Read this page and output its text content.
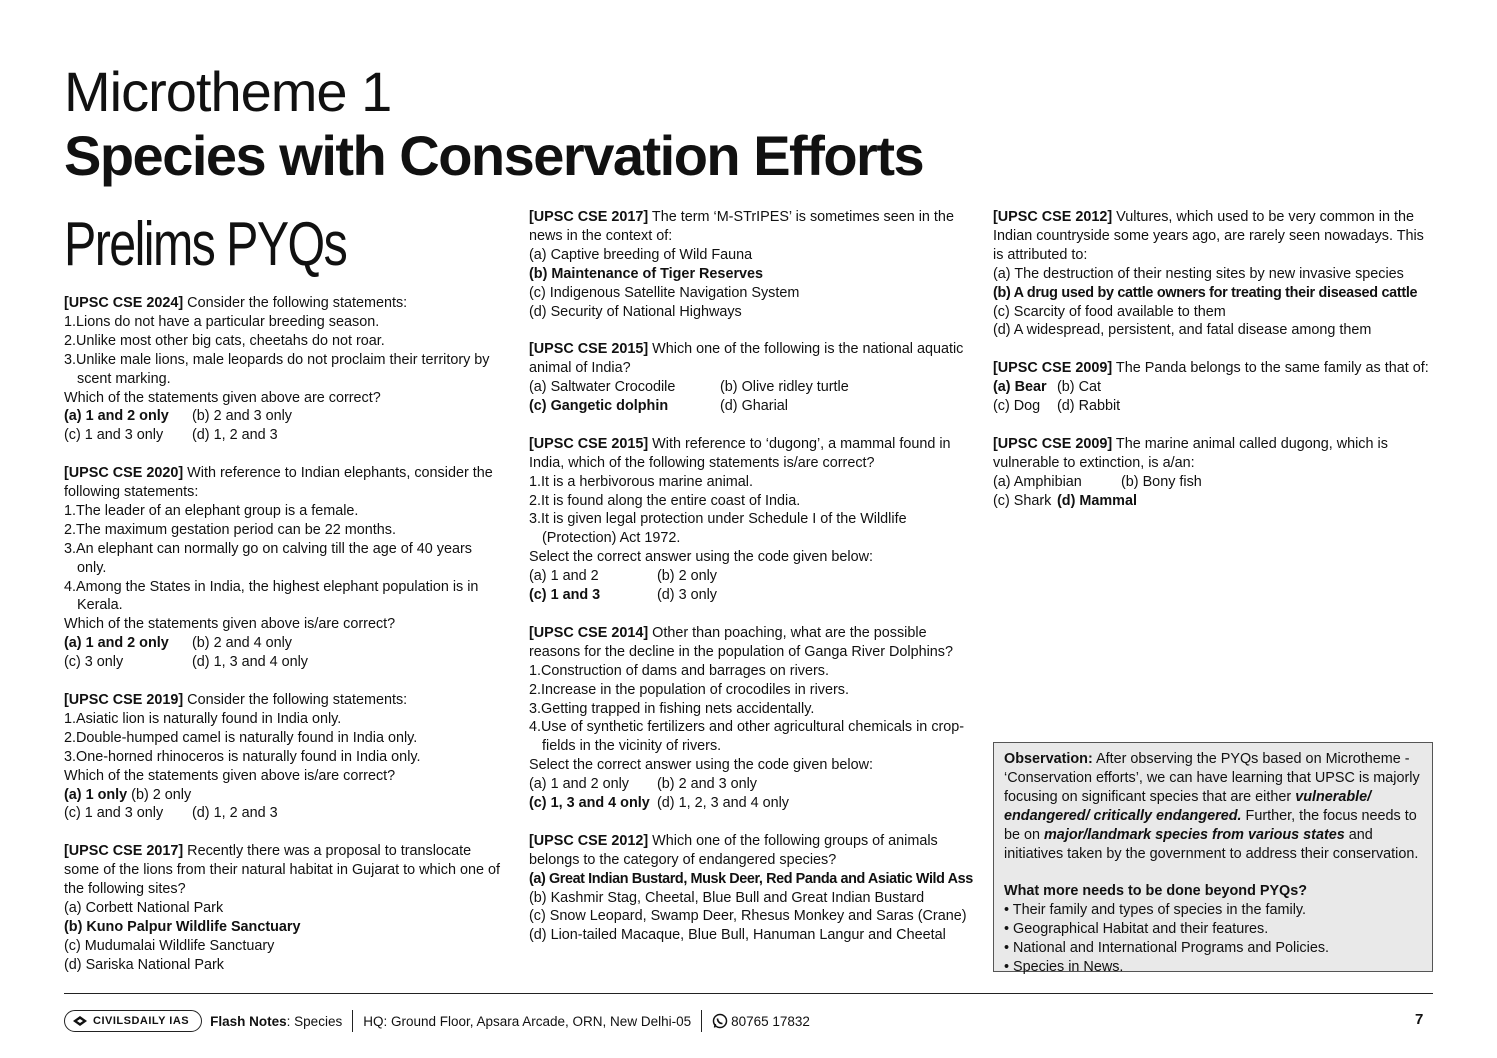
Microtheme 1
Species with Conservation Efforts
Prelims PYQs

[UPSC CSE 2024] Consider the following statements:

1.Lions do not have a particular breeding season.

2.Unlike most other big cats, cheetahs do not roar.

3.Unlike male lions, male leopards do not proclaim their territory by scent marking.

Which of the statements given above are correct?

(a) 1 and 2 only	(b) 2 and 3 only
(c) 1 and 3 only	(d) 1, 2 and 3

[UPSC CSE 2020] With reference to Indian elephants, consider the following statements:

1.The leader of an elephant group is a female.

2.The maximum gestation period can be 22 months.

3.An elephant can normally go on calving till the age of 40 years only.

4.Among the States in India, the highest elephant population is in Kerala.

Which of the statements given above is/are correct?

(a) 1 and 2 only	(b) 2 and 4 only
(c) 3 only	(d) 1, 3 and 4 only

[UPSC CSE 2019] Consider the following statements:

1.Asiatic lion is naturally found in India only.

2.Double-humped camel is naturally found in India only.

3.One-horned rhinoceros is naturally found in India only.

Which of the statements given above is/are correct?

(a) 1 only
(b) 2 only
(c) 1 and 3 only	(d) 1, 2 and 3

[UPSC CSE 2017] Recently there was a proposal to translocate some of the lions from their natural habitat in Gujarat to which one of the following sites?

(a) Corbett National Park

(b) Kuno Palpur Wildlife Sanctuary

(c) Mudumalai Wildlife Sanctuary

(d) Sariska National Park

[UPSC CSE 2017] The term ‘M-STrIPES’ is sometimes seen in the news in the context of:

(a) Captive breeding of Wild Fauna

(b) Maintenance of Tiger Reserves

(c) Indigenous Satellite Navigation System

(d) Security of National Highways

[UPSC CSE 2015] Which one of the following is the national aquatic animal of India?

(a) Saltwater Crocodile	(b) Olive ridley turtle
(c) Gangetic dolphin	(d) Gharial

[UPSC CSE 2015] With reference to ‘dugong’, a mammal found in India, which of the following statements is/are correct?

1.It is a herbivorous marine animal.

2.It is found along the entire coast of India.

3.It is given legal protection under Schedule I of the Wildlife (Protection) Act 1972.

Select the correct answer using the code given below:

(a) 1 and 2	(b) 2 only
(c) 1 and 3	(d) 3 only

[UPSC CSE 2014] Other than poaching, what are the possible reasons for the decline in the population of Ganga River Dolphins?

1.Construction of dams and barrages on rivers.

2.Increase in the population of crocodiles in rivers.

3.Getting trapped in fishing nets accidentally.

4.Use of synthetic fertilizers and other agricultural chemicals in crop-fields in the vicinity of rivers.

Select the correct answer using the code given below:

(a) 1 and 2 only	(b) 2 and 3 only
(c) 1, 3 and 4 only (d) 1, 2, 3 and 4 only

[UPSC CSE 2012] Which one of the following groups of animals belongs to the category of endangered species?

(a) Great Indian Bustard, Musk Deer, Red Panda and Asiatic Wild Ass

(b) Kashmir Stag, Cheetal, Blue Bull and Great Indian Bustard

(c) Snow Leopard, Swamp Deer, Rhesus Monkey and Saras (Crane)

(d) Lion-tailed Macaque, Blue Bull, Hanuman Langur and Cheetal

[UPSC CSE 2012] Vultures, which used to be very common in the Indian countryside some years ago, are rarely seen nowadays. This is attributed to:

(a) The destruction of their nesting sites by new invasive species

(b) A drug used by cattle owners for treating their diseased cattle

(c) Scarcity of food available to them

(d) A widespread, persistent, and fatal disease among them

[UPSC CSE 2009] The Panda belongs to the same family as that of:

(a) Bear (b) Cat
(c) Dog	(d) Rabbit

[UPSC CSE 2009] The marine animal called dugong, which is vulnerable to extinction, is a/an:

(a) Amphibian	(b) Bony fish
(c) Shark (d) Mammal

Observation: After observing the PYQs based on Microtheme - ‘Conservation efforts’, we can have learning that UPSC is majorly focusing on significant species that are either vulnerable/ endangered/ critically endangered. Further, the focus needs to be on major/landmark species from various states and initiatives taken by the government to address their conservation.

What more needs to be done beyond PYQs?

• Their family and types of species in the family.

• Geographical Habitat and their features.

• National and International Programs and Policies.

• Species in News.

CIVILSDAILY IAS Flash Notes : Species HQ: Ground Floor, Apsara Arcade, ORN, New Delhi-05	80765 17832	7
